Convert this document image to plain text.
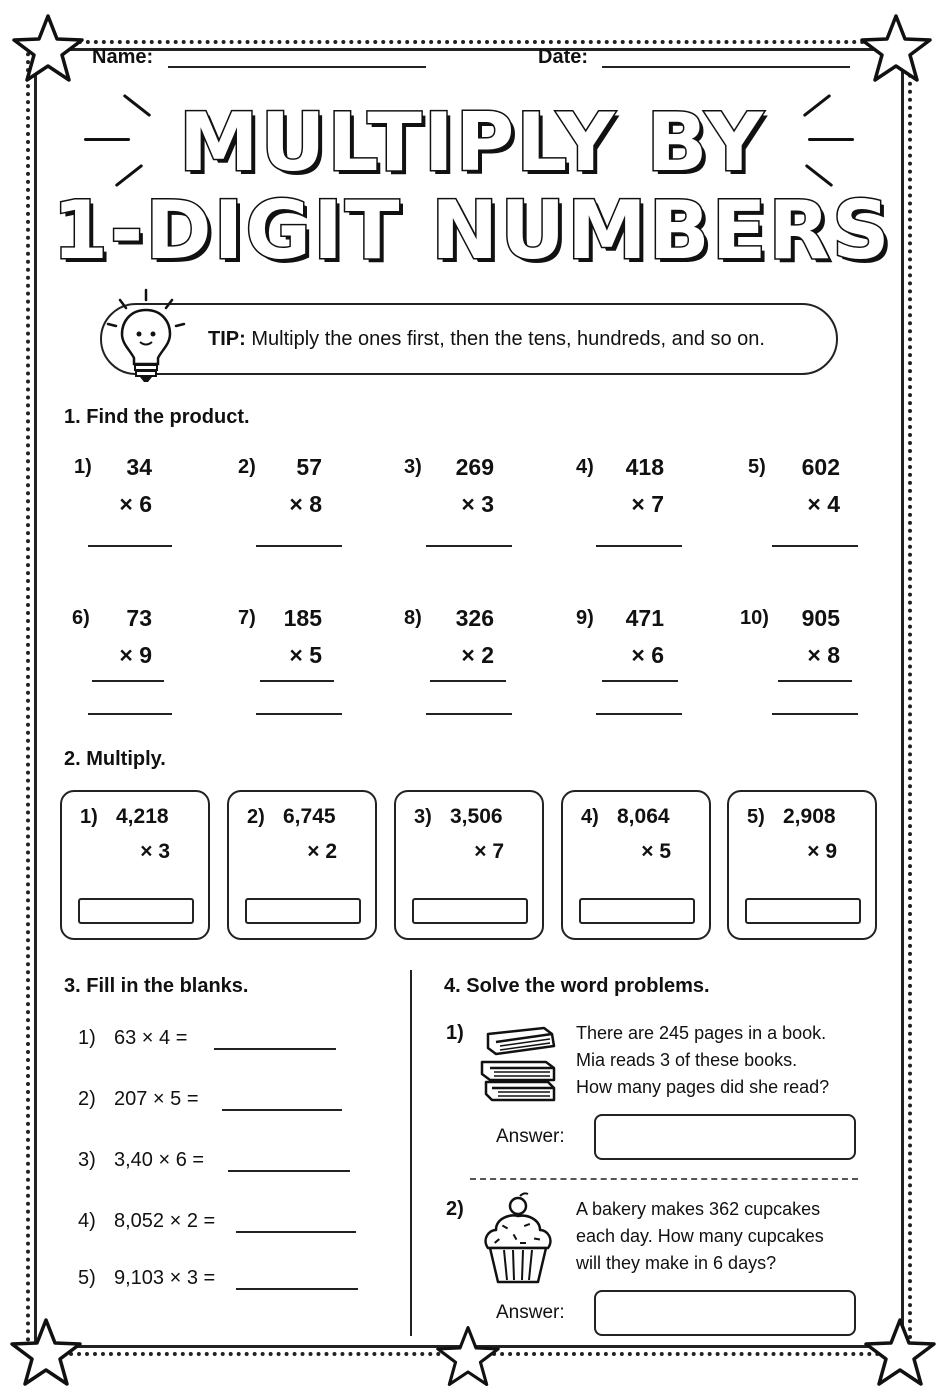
Name:	Date:
MULTIPLY BY
1-DIGIT NUMBERS
TIP: Multiply the ones first, then the tens, hundreds, and so on.
1. Find the product.
1)	34
× 6
2)	57
× 8
3)	269
× 3
4)	418
× 7
5)	602
× 4
6)	73
× 9
7)	185
× 5
8)	326
× 2
9)	471
× 6
10)	905
× 8
2. Multiply.
1) 4,218
× 3
2) 6,745
× 2
3) 3,506
× 7
4) 8,064
× 5
5) 2,908
× 9
3. Fill in the blanks.
1) 63 × 4 =
2) 207 × 5 =
3) 3,40 × 6 =
4) 8,052 × 2 =
5) 9,103 × 3 =
4. Solve the word problems.
1)	There are 245 pages in a book.
Mia reads 3 of these books.
How many pages did she read?
Answer:
2)	A bakery makes 362 cupcakes
each day. How many cupcakes
will they make in 6 days?
Answer:
